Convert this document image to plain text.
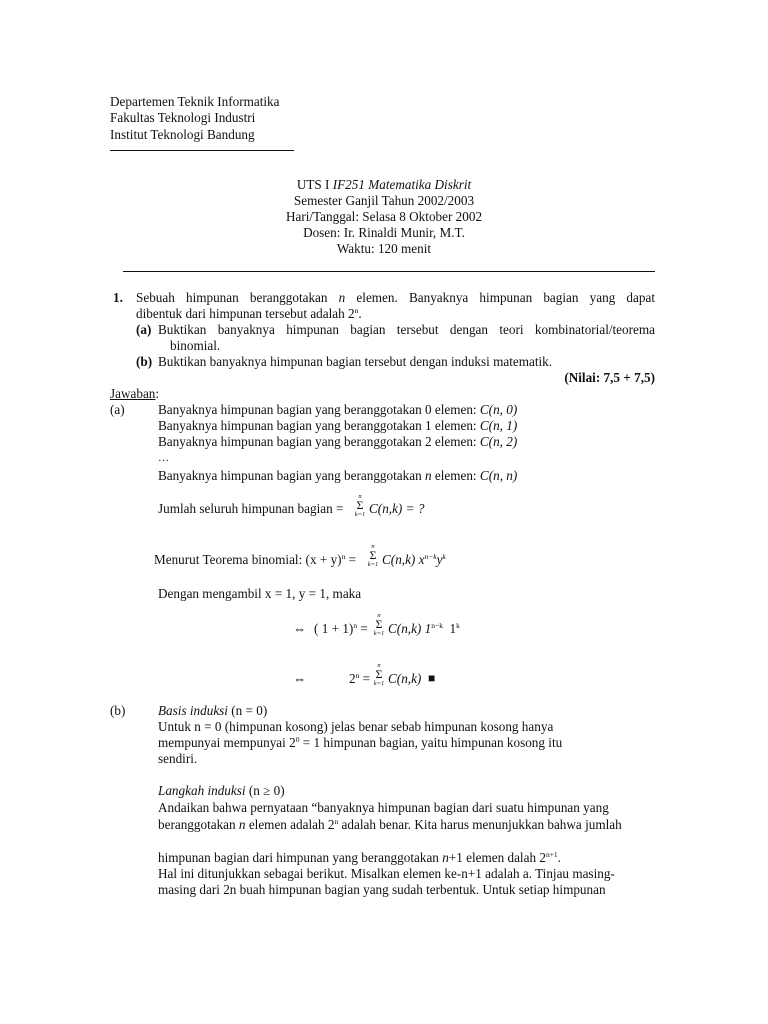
Departemen Teknik Informatika
Fakultas Teknologi Industri
Institut Teknologi Bandung
UTS I IF251 Matematika Diskrit
Semester Ganjil Tahun 2002/2003
Hari/Tanggal: Selasa 8 Oktober 2002
Dosen: Ir. Rinaldi Munir, M.T.
Waktu: 120 menit
1. Sebuah himpunan beranggotakan n elemen. Banyaknya himpunan bagian yang dapat
dibentuk dari himpunan tersebut adalah 2$^n$.
(a) Buktikan banyaknya himpunan bagian tersebut dengan teori kombinatorial/teorema
binomial.
(b) Buktikan banyaknya himpunan bagian tersebut dengan induksi matematik.
(Nilai: 7,5 + 7,5)
Jawaban:
(a)	Banyaknya himpunan bagian yang beranggotakan 0 elemen: C(n, 0)
Banyaknya himpunan bagian yang beranggotakan 1 elemen: C(n, 1)
Banyaknya himpunan bagian yang beranggotakan 2 elemen: C(n, 2)
…
Banyaknya himpunan bagian yang beranggotakan n elemen: C(n, n)
Jumlah seluruh himpunan bagian =
n
Σ
k=1 C(n,k) = ?
Menurut Teorema binomial: $(x + y)^n$ =
n
Σ
k=1 C(n,k) $x^{n-k}y^k$
Dengan mengambil x = 1, y = 1, maka
⇔ ( 1 + 1)$^n$ =
n
Σ
k=1 C(n,k) $1^{n-k}$ 1$^k$
⇔	$2^n$ =
n
Σ
k=1 C(n,k) ■
(b) Basis induksi (n = 0)
Untuk n = 0 (himpunan kosong) jelas benar sebab himpunan kosong hanya
mempunyai mempunyai $2^0 = 1$ himpunan bagian, yaitu himpunan kosong itu
sendiri.
Langkah induksi (n ≥ 0)
Andaikan bahwa pernyataan “banyaknya himpunan bagian dari suatu himpunan yang
beranggotakan n elemen adalah 2$^n$ adalah benar. Kita harus menunjukkan bahwa jumlah
himpunan bagian dari himpunan yang beranggotakan n+1 elemen dalah $2^{n+1}$.
Hal ini ditunjukkan sebagai berikut. Misalkan elemen ke-n+1 adalah a. Tinjau masing-
masing dari 2n buah himpunan bagian yang sudah terbentuk. Untuk setiap himpunan
